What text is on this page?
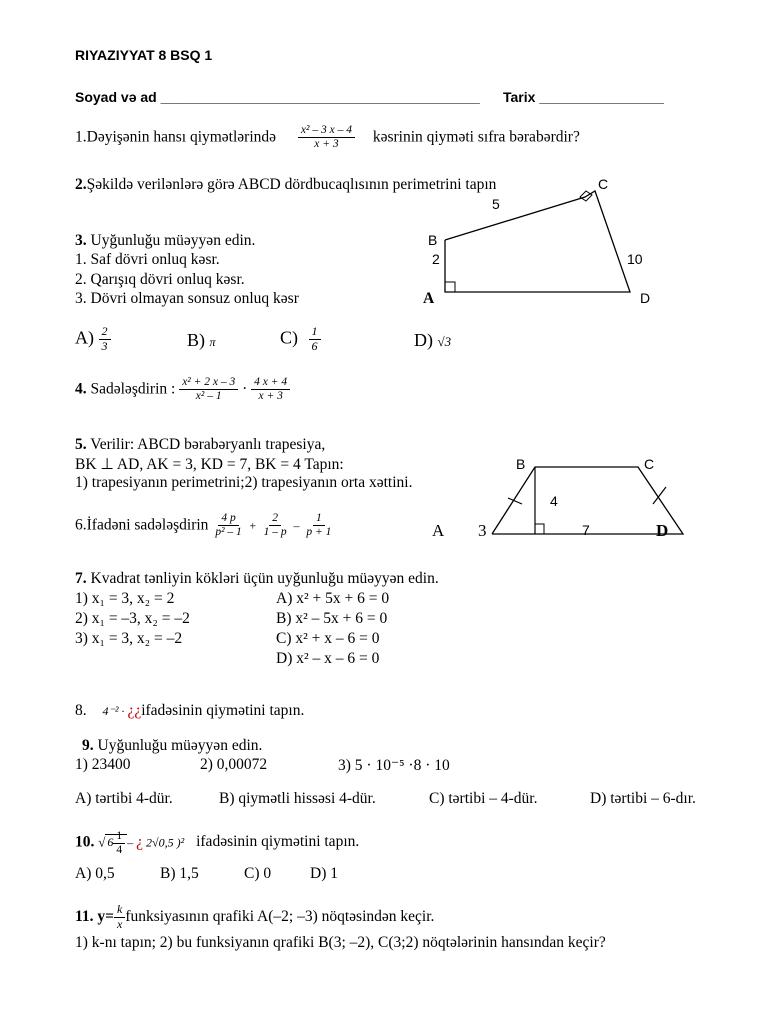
RIYAZIYYAT 8 BSQ 1
Soyad və ad _________________________________________ Tarix ________________
1.Dəyişənin hansı qiymətlərində $\frac{\text{x² – 3 x – 4}}{x + 3}$ kəsrinin qiyməti sıfra bərabərdir?
2.Şəkildə verilənlərə görə ABCD dördbucaqlısının perimetrini tapın	C
5
B
2	10
A	D
3. Uyğunluğu müəyyən edin.
1. Saf dövri onluq kəsr.
2. Qarışıq dövri onluq kəsr.
3. Dövri olmayan sonsuz onluq kəsr
$A) \frac{2}{3}$	B) π	$C) \frac{1}{6}$	D) √3
4. Sadələşdirin : $\frac{\text{x² + 2 x – 3}}{\text{x² – 1}} \cdot \frac{4 x + 4}{x + 3}$
5. Verilir: ABCD bərabəryanlı trapesiya,
BK ⊥ AD, AK = 3, KD = 7, BK = 4 Tapın:
1) trapesiyanın perimetrini;2) trapesiyanın orta xəttini.
B	C
4
A 3	7	D
6.İfadəni sadələşdirin $\frac{4 p}{\text{p² – 1}} + \frac{2}{1 - p} - \frac{1}{p + 1}$
7. Kvadrat tənliyin kökləri üçün uyğunluğu müəyyən edin.
1) x₁ = 3, x₂ = 2
2) x₁ = –3, x₂ = –2
3) x₁ = 3, x₂ = –2
A) x² + 5x + 6 = 0
B) x² – 5x + 6 = 0
C) x² + x – 6 = 0
D) x² – x – 6 = 0
8. 4⁻² · ¿¿ifadəsinin qiymətini tapın.
9. Uyğunluğu müəyyən edin.
1) 23400	2) 0,00072	3) 5 · 10⁻⁵ ·8 · 10
A) tərtibi 4-dür.	B) qiymətli hissəsi 4-dür.	C) tərtibi – 4-dür.	D) tərtibi – 6-dır.
10. √ $6 \frac{1}{4}$ – ¿ 2√0,5 )² ifadəsinin qiymətini tapın.
A) 0,5	B) 1,5	C) 0	D) 1
11. $y= \frac{k}{x}$ funksiyasının qrafiki A(–2; –3) nöqtəsindən keçir.
1) k-nı tapın; 2) bu funksiyanın qrafiki B(3; –2), C(3;2) nöqtələrinin hansından keçir?
